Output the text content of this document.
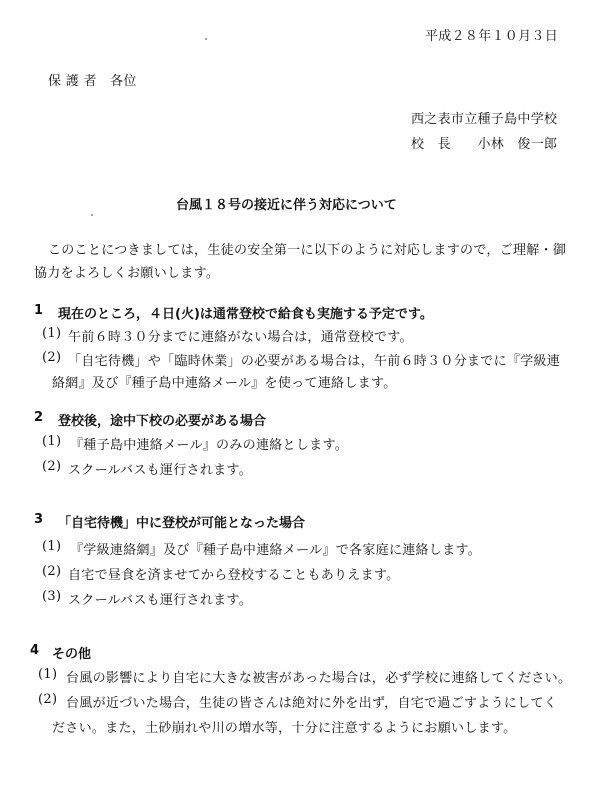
平成２８年１０月３日
保 護 者　各位
西之表市立種子島中学校
校　長　　小林　俊一郎
台風１８号の接近に伴う対応について
このことにつきましては，生徒の安全第一に以下のように対応しますので，ご理解・御
協力をよろしくお願いします。
1 現在のところ，４日(火)は通常登校で給食も実施する予定です。
(1) 午前６時３０分までに連絡がない場合は，通常登校です。
(2) 「自宅待機」や「臨時休業」の必要がある場合は，午前６時３０分までに『学級連
絡網』及び『種子島中連絡メール』を使って連絡します。
2 登校後，途中下校の必要がある場合
(1) 『種子島中連絡メール』のみの連絡とします。
(2) スクールバスも運行されます。
3 「自宅待機」中に登校が可能となった場合
(1) 『学級連絡網』及び『種子島中連絡メール』で各家庭に連絡します。
(2) 自宅で昼食を済ませてから登校することもありえます。
(3) スクールバスも運行されます。
4 その他
(1) 台風の影響により自宅に大きな被害があった場合は，必ず学校に連絡してください。
(2) 台風が近づいた場合，生徒の皆さんは絶対に外を出ず，自宅で過ごすようにしてく
ださい。また，土砂崩れや川の増水等，十分に注意するようにお願いします。
